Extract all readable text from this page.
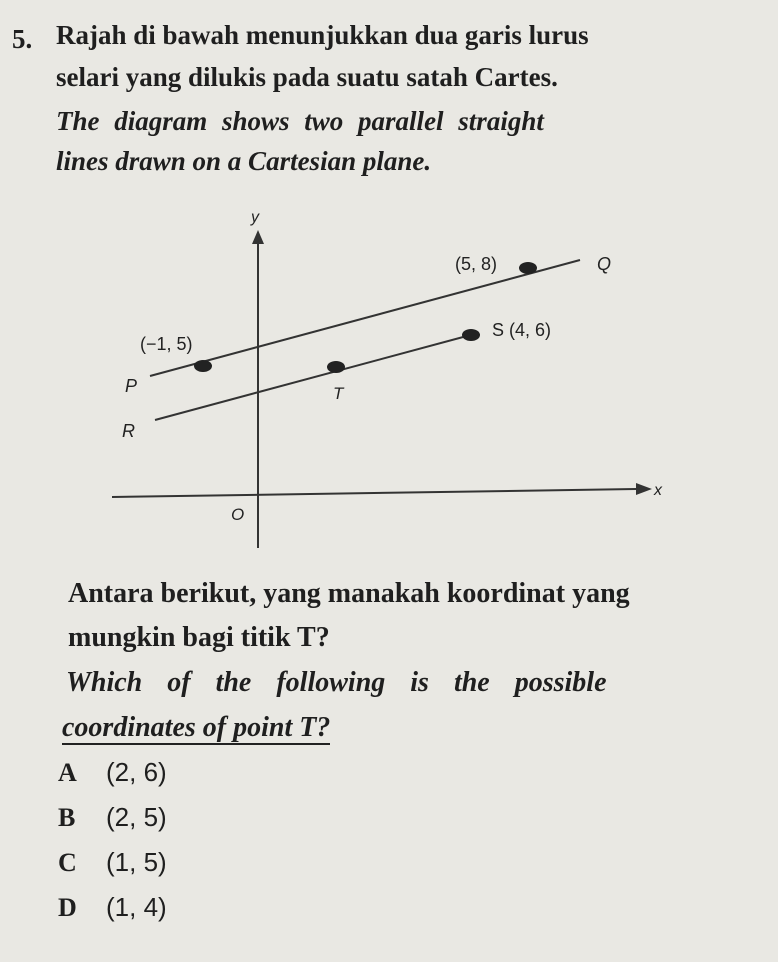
5. Rajah di bawah menunjukkan dua garis lurus
selari yang dilukis pada suatu satah Cartes.
The diagram shows two parallel straight
lines drawn on a Cartesian plane.
y
x
O
(5, 8)	Q
S (4, 6)
(−1, 5)
P	T
R
Antara berikut, yang manakah koordinat yang
mungkin bagi titik T?
Which of the following is the possible
coordinates of point T?
A (2, 6)
B (2, 5)
C (1, 5)
D (1, 4)
